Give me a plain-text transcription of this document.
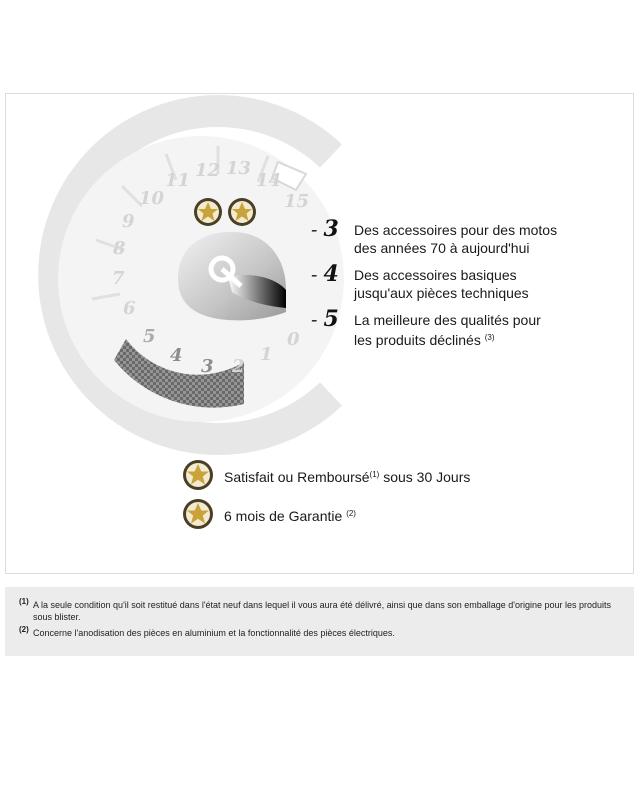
0
1
2
3
4
5
6
7
8
9
10
11 12 13
14
15
- 3 Des accessoires pour des motos
des années 70 à aujourd'hui
- 4 Des accessoires basiques
jusqu'aux pièces techniques
- 5 La meilleure des qualités pour
les produits déclinés $^{(3)}$
Satisfait ou Remboursé$^{(1)}$ sous 30 Jours
6 mois de Garantie $^{(2)}$
(1) A la seule condition qu'il soit restitué dans l'état neuf dans lequel il vous aura été délivré, ainsi que dans son emballage d'origine pour les produits sous blister.
(2) Concerne l'anodisation des pièces en aluminium et la fonctionnalité des pièces électriques.
